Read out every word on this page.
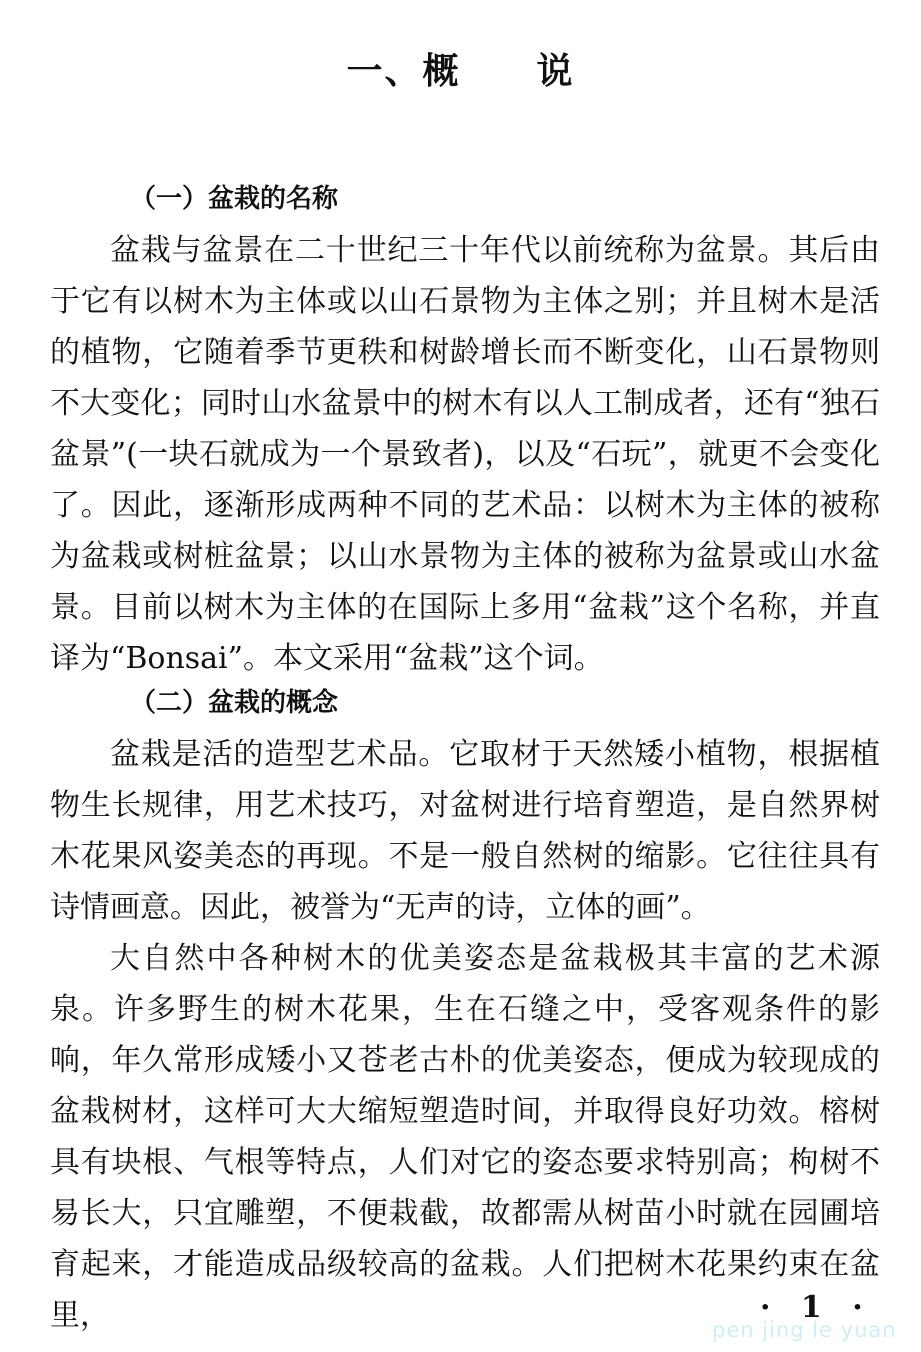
一、概　　说
（一）盆栽的名称

盆栽与盆景在二十世纪三十年代以前统称为盆景。其后由于它有以树木为主体或以山石景物为主体之别；并且树木是活的植物，它随着季节更秩和树龄增长而不断变化，山石景物则不大变化；同时山水盆景中的树木有以人工制成者，还有“独石盆景”(一块石就成为一个景致者)，以及“石玩”，就更不会变化了。因此，逐渐形成两种不同的艺术品：以树木为主体的被称为盆栽或树桩盆景；以山水景物为主体的被称为盆景或山水盆景。目前以树木为主体的在国际上多用“盆栽”这个名称，并直译为“Bonsai”。本文采用“盆栽”这个词。

（二）盆栽的概念

盆栽是活的造型艺术品。它取材于天然矮小植物，根据植物生长规律，用艺术技巧，对盆树进行培育塑造，是自然界树木花果风姿美态的再现。不是一般自然树的缩影。它往往具有诗情画意。因此，被誉为“无声的诗，立体的画”。

大自然中各种树木的优美姿态是盆栽极其丰富的艺术源泉。许多野生的树木花果，生在石缝之中，受客观条件的影响，年久常形成矮小又苍老古朴的优美姿态，便成为较现成的盆栽树材，这样可大大缩短塑造时间，并取得良好功效。榕树具有块根、气根等特点，人们对它的姿态要求特别高；枸树不易长大，只宜雕塑，不便栽截，故都需从树苗小时就在园圃培育起来，才能造成品级较高的盆栽。人们把树木花果约束在盆里，	· 1 ·
pen jing le yuan
